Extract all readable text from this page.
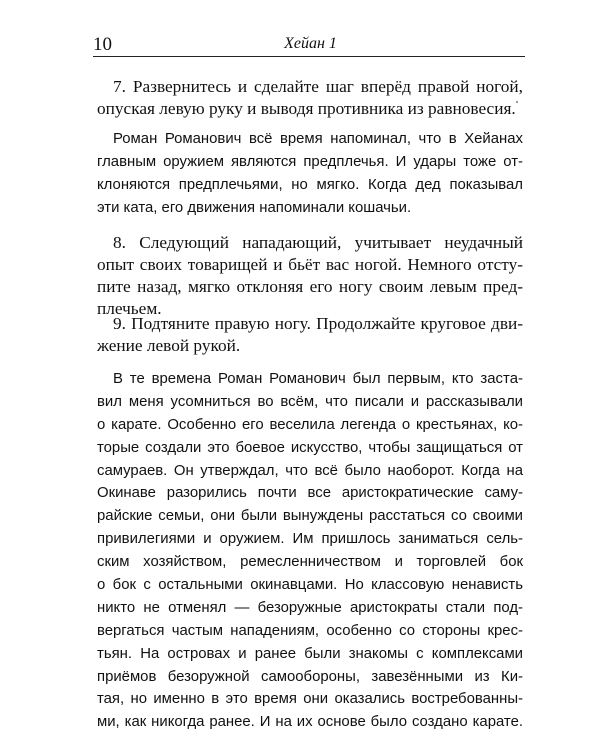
10	Хейан 1
7. Развернитесь и сделайте шаг вперёд правой ногой,
опуская левую руку и выводя противника из равновесия.
Роман Романович всё время напоминал, что в Хейанах
главным оружием являются предплечья. И удары тоже от-
клоняются предплечьями, но мягко. Когда дед показывал
эти ката, его движения напоминали кошачьи.
8. Следующий нападающий, учитывает неудачный
опыт своих товарищей и бьёт вас ногой. Немного отсту-
пите назад, мягко отклоняя его ногу своим левым пред-
плечьем.
9. Подтяните правую ногу. Продолжайте круговое дви-
жение левой рукой.
В те времена Роман Романович был первым, кто застa-
вил меня усомниться во всём, что писали и рассказывали
о карате. Особенно его веселила легенда о крестьянах, ко-
торые создали это боевое искусство, чтобы защищаться от
самураев. Он утверждал, что всё было наоборот. Когда на
Окинаве разорились почти все аристократические саму-
райские семьи, они были вынуждены расстаться со своими
привилегиями и оружием. Им пришлось заниматься сель-
ским хозяйством, ремесленничеством и торговлей бок
о бок с остальными окинавцами. Но классовую ненависть
никто не отменял — безоружные аристократы стали под-
вергаться частым нападениям, особенно со стороны крес-
тьян. На островах и ранее были знакомы с комплексами
приёмов безоружной самообороны, завезёнными из Ки-
тая, но именно в это время они оказались востребованны-
ми, как никогда ранее. И на их основе было создано карате.
